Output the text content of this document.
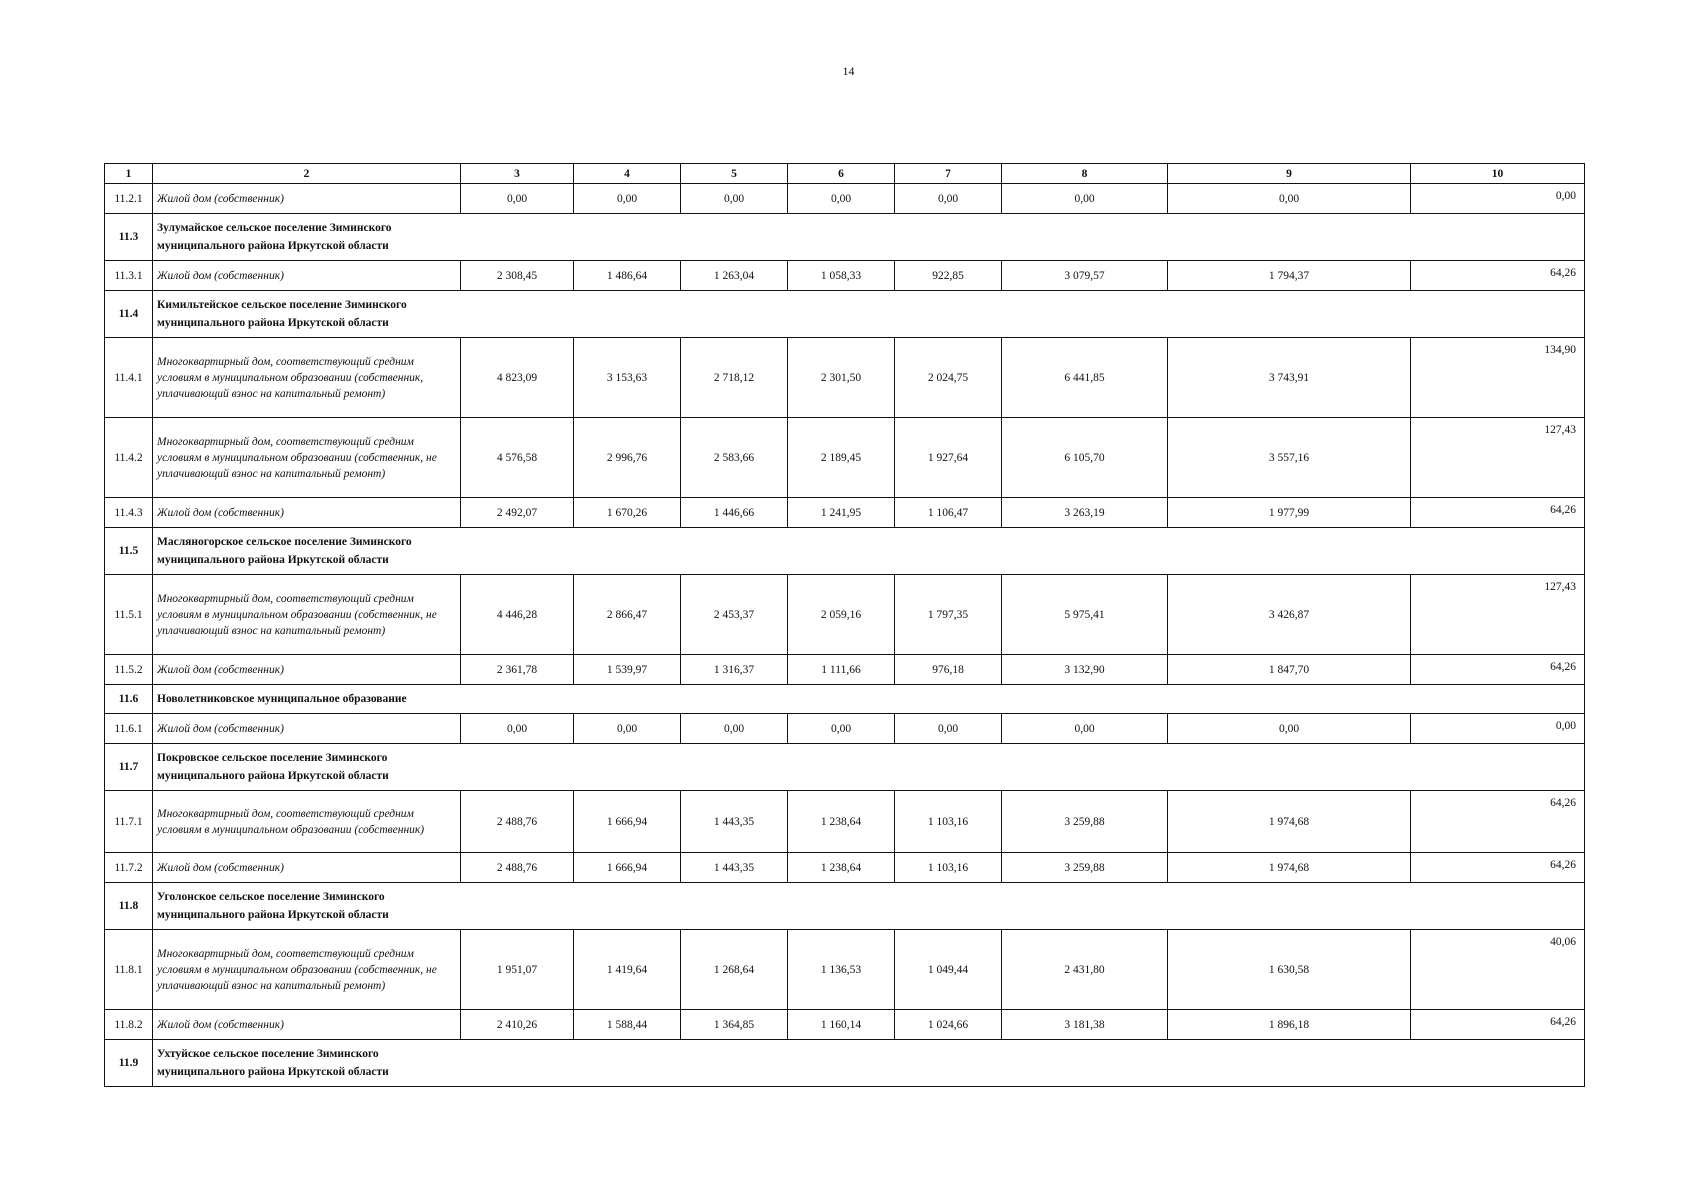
14
1	2	3	4	5	6	7	8	9	10
11.2.1	Жилой дом (собственник)	0,00	0,00	0,00	0,00	0,00	0,00	0,00	0,00
11.3	Зулумайское сельское поселение Зиминского муниципального района Иркутской области								

11.3.1	Жилой дом (собственник)	2 308,45	1 486,64	1 263,04	1 058,33	922,85	3 079,57	1 794,37	64,26
11.4	Кимильтейское сельское поселение Зиминского муниципального района Иркутской области								

11.4.1	Многоквартирный дом, соответствующий средним условиям в муниципальном образовании (собственник, уплачивающий взнос на капитальный ремонт)	4 823,09	3 153,63	2 718,12	2 301,50	2 024,75	6 441,85	3 743,91	134,90
11.4.2	Многоквартирный дом, соответствующий средним условиям в муниципальном образовании (собственник, не уплачивающий взнос на капитальный ремонт)	4 576,58	2 996,76	2 583,66	2 189,45	1 927,64	6 105,70	3 557,16	127,43
11.4.3	Жилой дом (собственник)	2 492,07	1 670,26	1 446,66	1 241,95	1 106,47	3 263,19	1 977,99	64,26
11.5	Масляногорское сельское поселение Зиминского муниципального района Иркутской области								

11.5.1	Многоквартирный дом, соответствующий средним условиям в муниципальном образовании (собственник, не уплачивающий взнос на капитальный ремонт)	4 446,28	2 866,47	2 453,37	2 059,16	1 797,35	5 975,41	3 426,87	127,43
11.5.2	Жилой дом (собственник)	2 361,78	1 539,97	1 316,37	1 111,66	976,18	3 132,90	1 847,70	64,26
11.6	Новолетниковское муниципальное образование								

11.6.1	Жилой дом (собственник)	0,00	0,00	0,00	0,00	0,00	0,00	0,00	0,00
11.7	Покровское сельское поселение Зиминского муниципального района Иркутской области								

11.7.1	Многоквартирный дом, соответствующий средним условиям в муниципальном образовании (собственник)	2 488,76	1 666,94	1 443,35	1 238,64	1 103,16	3 259,88	1 974,68	64,26
11.7.2	Жилой дом (собственник)	2 488,76	1 666,94	1 443,35	1 238,64	1 103,16	3 259,88	1 974,68	64,26
11.8	Уголонское сельское поселение Зиминского муниципального района Иркутской области								

11.8.1	Многоквартирный дом, соответствующий средним условиям в муниципальном образовании (собственник, не уплачивающий взнос на капитальный ремонт)	1 951,07	1 419,64	1 268,64	1 136,53	1 049,44	2 431,80	1 630,58	40,06
11.8.2	Жилой дом (собственник)	2 410,26	1 588,44	1 364,85	1 160,14	1 024,66	3 181,38	1 896,18	64,26
11.9	Ухтуйское сельское поселение Зиминского муниципального района Иркутской области								
